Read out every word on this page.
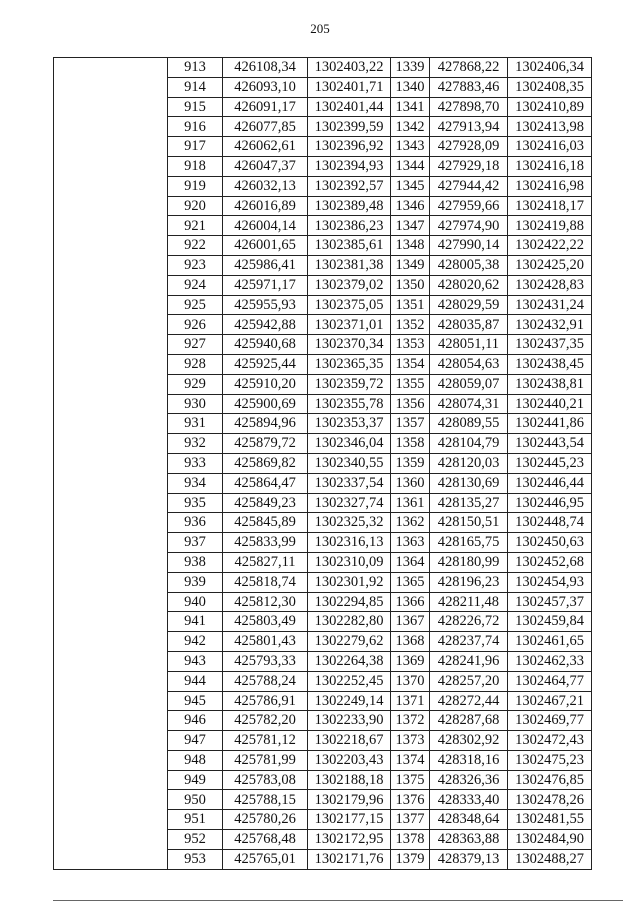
205
	913	426108,34	1302403,22	1339	427868,22	1302406,34
	914	426093,10	1302401,71	1340	427883,46	1302408,35
	915	426091,17	1302401,44	1341	427898,70	1302410,89
	916	426077,85	1302399,59	1342	427913,94	1302413,98
	917	426062,61	1302396,92	1343	427928,09	1302416,03
	918	426047,37	1302394,93	1344	427929,18	1302416,18
	919	426032,13	1302392,57	1345	427944,42	1302416,98
	920	426016,89	1302389,48	1346	427959,66	1302418,17
	921	426004,14	1302386,23	1347	427974,90	1302419,88
	922	426001,65	1302385,61	1348	427990,14	1302422,22
	923	425986,41	1302381,38	1349	428005,38	1302425,20
	924	425971,17	1302379,02	1350	428020,62	1302428,83
	925	425955,93	1302375,05	1351	428029,59	1302431,24
	926	425942,88	1302371,01	1352	428035,87	1302432,91
	927	425940,68	1302370,34	1353	428051,11	1302437,35
	928	425925,44	1302365,35	1354	428054,63	1302438,45
	929	425910,20	1302359,72	1355	428059,07	1302438,81
	930	425900,69	1302355,78	1356	428074,31	1302440,21
	931	425894,96	1302353,37	1357	428089,55	1302441,86
	932	425879,72	1302346,04	1358	428104,79	1302443,54
	933	425869,82	1302340,55	1359	428120,03	1302445,23
	934	425864,47	1302337,54	1360	428130,69	1302446,44
	935	425849,23	1302327,74	1361	428135,27	1302446,95
	936	425845,89	1302325,32	1362	428150,51	1302448,74
	937	425833,99	1302316,13	1363	428165,75	1302450,63
	938	425827,11	1302310,09	1364	428180,99	1302452,68
	939	425818,74	1302301,92	1365	428196,23	1302454,93
	940	425812,30	1302294,85	1366	428211,48	1302457,37
	941	425803,49	1302282,80	1367	428226,72	1302459,84
	942	425801,43	1302279,62	1368	428237,74	1302461,65
	943	425793,33	1302264,38	1369	428241,96	1302462,33
	944	425788,24	1302252,45	1370	428257,20	1302464,77
	945	425786,91	1302249,14	1371	428272,44	1302467,21
	946	425782,20	1302233,90	1372	428287,68	1302469,77
	947	425781,12	1302218,67	1373	428302,92	1302472,43
	948	425781,99	1302203,43	1374	428318,16	1302475,23
	949	425783,08	1302188,18	1375	428326,36	1302476,85
	950	425788,15	1302179,96	1376	428333,40	1302478,26
	951	425780,26	1302177,15	1377	428348,64	1302481,55
	952	425768,48	1302172,95	1378	428363,88	1302484,90
	953	425765,01	1302171,76	1379	428379,13	1302488,27
